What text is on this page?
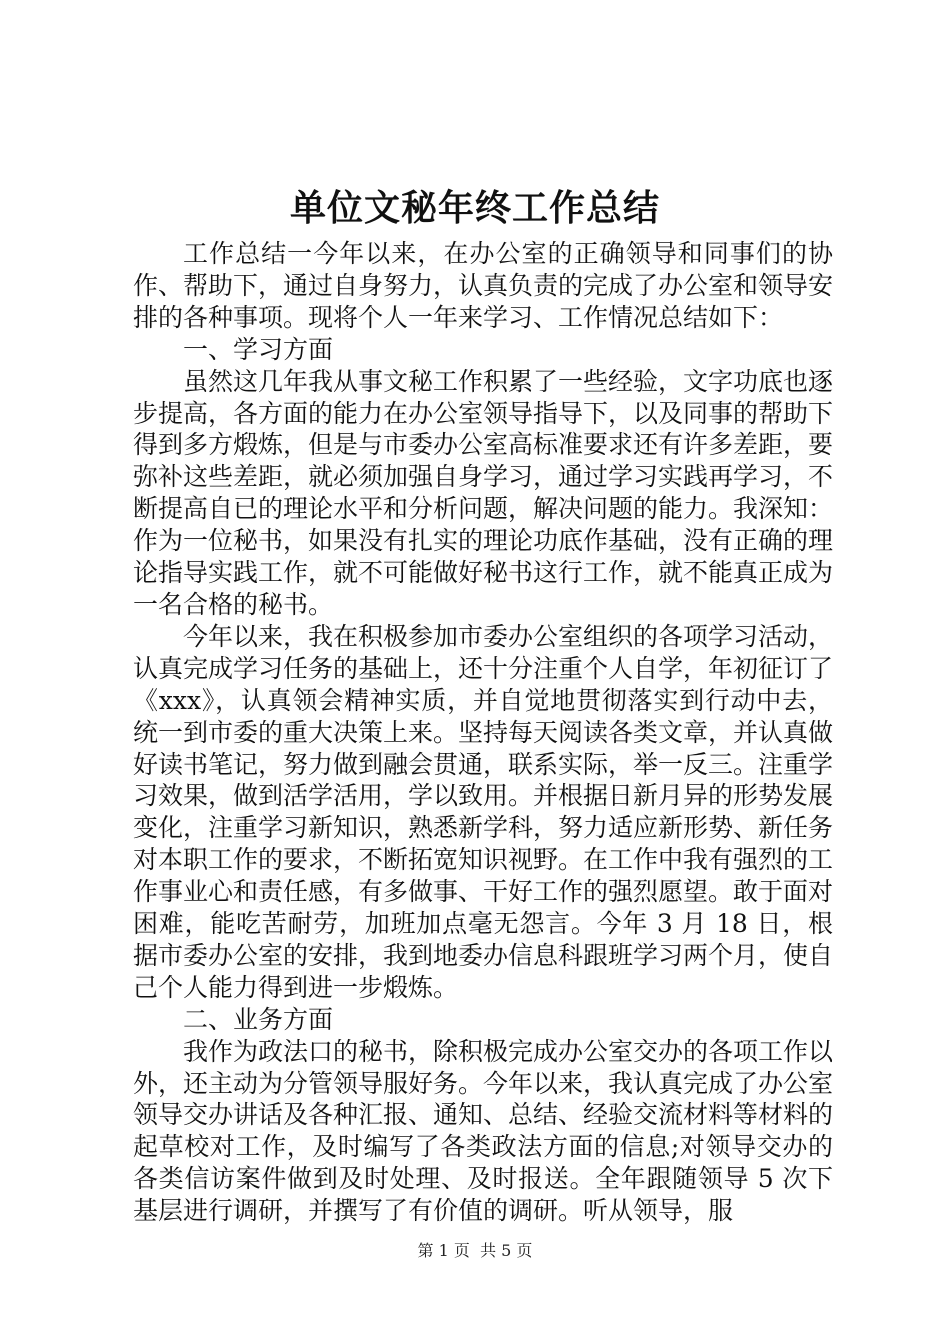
单位文秘年终工作总结

工作总结一今年以来，在办公室的正确领导和同事们的协作、帮助下，通过自身努力，认真负责的完成了办公室和领导安排的各种事项。现将个人一年来学习、工作情况总结如下：

一、学习方面

虽然这几年我从事文秘工作积累了一些经验，文字功底也逐步提高，各方面的能力在办公室领导指导下，以及同事的帮助下得到多方煅炼，但是与市委办公室高标准要求还有许多差距，要弥补这些差距，就必须加强自身学习，通过学习实践再学习，不断提高自已的理论水平和分析问题，解决问题的能力。我深知：作为一位秘书，如果没有扎实的理论功底作基础，没有正确的理论指导实践工作，就不可能做好秘书这行工作，就不能真正成为一名合格的秘书。

今年以来，我在积极参加市委办公室组织的各项学习活动，认真完成学习任务的基础上，还十分注重个人自学，年初征订了《xxx》，认真领会精神实质，并自觉地贯彻落实到行动中去，统一到市委的重大决策上来。坚持每天阅读各类文章，并认真做好读书笔记，努力做到融会贯通，联系实际，举一反三。注重学习效果，做到活学活用，学以致用。并根据日新月异的形势发展变化，注重学习新知识，熟悉新学科，努力适应新形势、新任务对本职工作的要求，不断拓宽知识视野。在工作中我有强烈的工作事业心和责任感，有多做事、干好工作的强烈愿望。敢于面对困难，能吃苦耐劳，加班加点毫无怨言。今年 3 月 18 日，根据市委办公室的安排，我到地委办信息科跟班学习两个月，使自己个人能力得到进一步煅炼。

二、业务方面

我作为政法口的秘书，除积极完成办公室交办的各项工作以外，还主动为分管领导服好务。今年以来，我认真完成了办公室领导交办讲话及各种汇报、通知、总结、经验交流材料等材料的起草校对工作，及时编写了各类政法方面的信息;对领导交办的各类信访案件做到及时处理、及时报送。全年跟随领导 5 次下基层进行调研，并撰写了有价值的调研。听从领导，服

第 1 页  共 5 页
